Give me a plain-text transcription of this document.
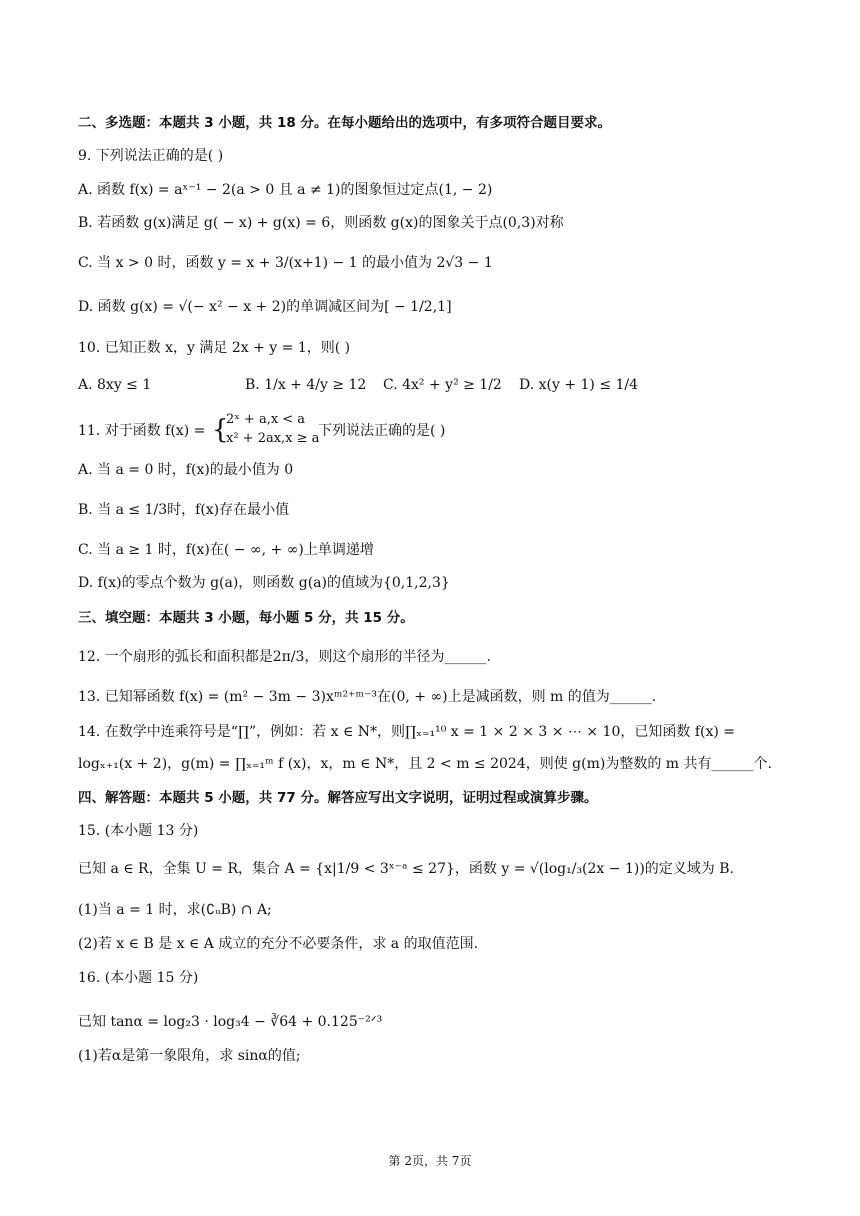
二、多选题：本题共 3 小题，共 18 分。在每小题给出的选项中，有多项符合题目要求。
9. 下列说法正确的是( )
A. 函数 f(x) = aˣ⁻¹ − 2(a > 0 且 a ≠ 1)的图象恒过定点(1, − 2)
B. 若函数 g(x)满足 g( − x) + g(x) = 6，则函数 g(x)的图象关于点(0,3)对称
C. 当 x > 0 时，函数 y = x + 3/(x+1) − 1 的最小值为 2√3 − 1
D. 函数 g(x) = √(− x² − x + 2)的单调减区间为[ − 1/2,1]
10. 已知正数 x，y 满足 2x + y = 1，则( )
A. 8xy ≤ 1	B. 1/x + 4/y ≥ 12 C. 4x² + y² ≥ 1/2 D. x(y + 1) ≤ 1/4
11. 对于函数 f(x) = {
2ˣ + a,x < a
x² + 2ax,x ≥ a
下列说法正确的是( )
A. 当 a = 0 时，f(x)的最小值为 0
B. 当 a ≤ 1/3时，f(x)存在最小值
C. 当 a ≥ 1 时，f(x)在( − ∞, + ∞)上单调递增
D. f(x)的零点个数为 g(a)，则函数 g(a)的值域为{0,1,2,3}
三、填空题：本题共 3 小题，每小题 5 分，共 15 分。
12. 一个扇形的弧长和面积都是2π/3，则这个扇形的半径为______.
13. 已知幂函数 f(x) = (m² − 3m − 3)xᵐ²⁺ᵐ⁻³在(0, + ∞)上是减函数，则 m 的值为______.
14. 在数学中连乘符号是“∏”，例如：若 x ∈ N*，则∏ₓ₌₁¹⁰ x = 1 × 2 × 3 × ⋯ × 10，已知函数 f(x) =
logₓ₊₁(x + 2)，g(m) = ∏ₓ₌₁ᵐ f (x)，x，m ∈ N*，且 2 < m ≤ 2024，则使 g(m)为整数的 m 共有______个.
四、解答题：本题共 5 小题，共 77 分。解答应写出文字说明，证明过程或演算步骤。
15. (本小题 13 分)
已知 a ∈ R，全集 U = R，集合 A = {x|1/9 < 3ˣ⁻ᵃ ≤ 27}，函数 y = √(log₁/₃(2x − 1))的定义域为 B.
(1)当 a = 1 时，求(∁ᵤB) ∩ A;
(2)若 x ∈ B 是 x ∈ A 成立的充分不必要条件，求 a 的取值范围.
16. (本小题 15 分)
已知 tanα = log₂3 · log₃4 − ∛64 + 0.125⁻²ᐟ³
(1)若α是第一象限角，求 sinα的值;
第 2页，共 7页
